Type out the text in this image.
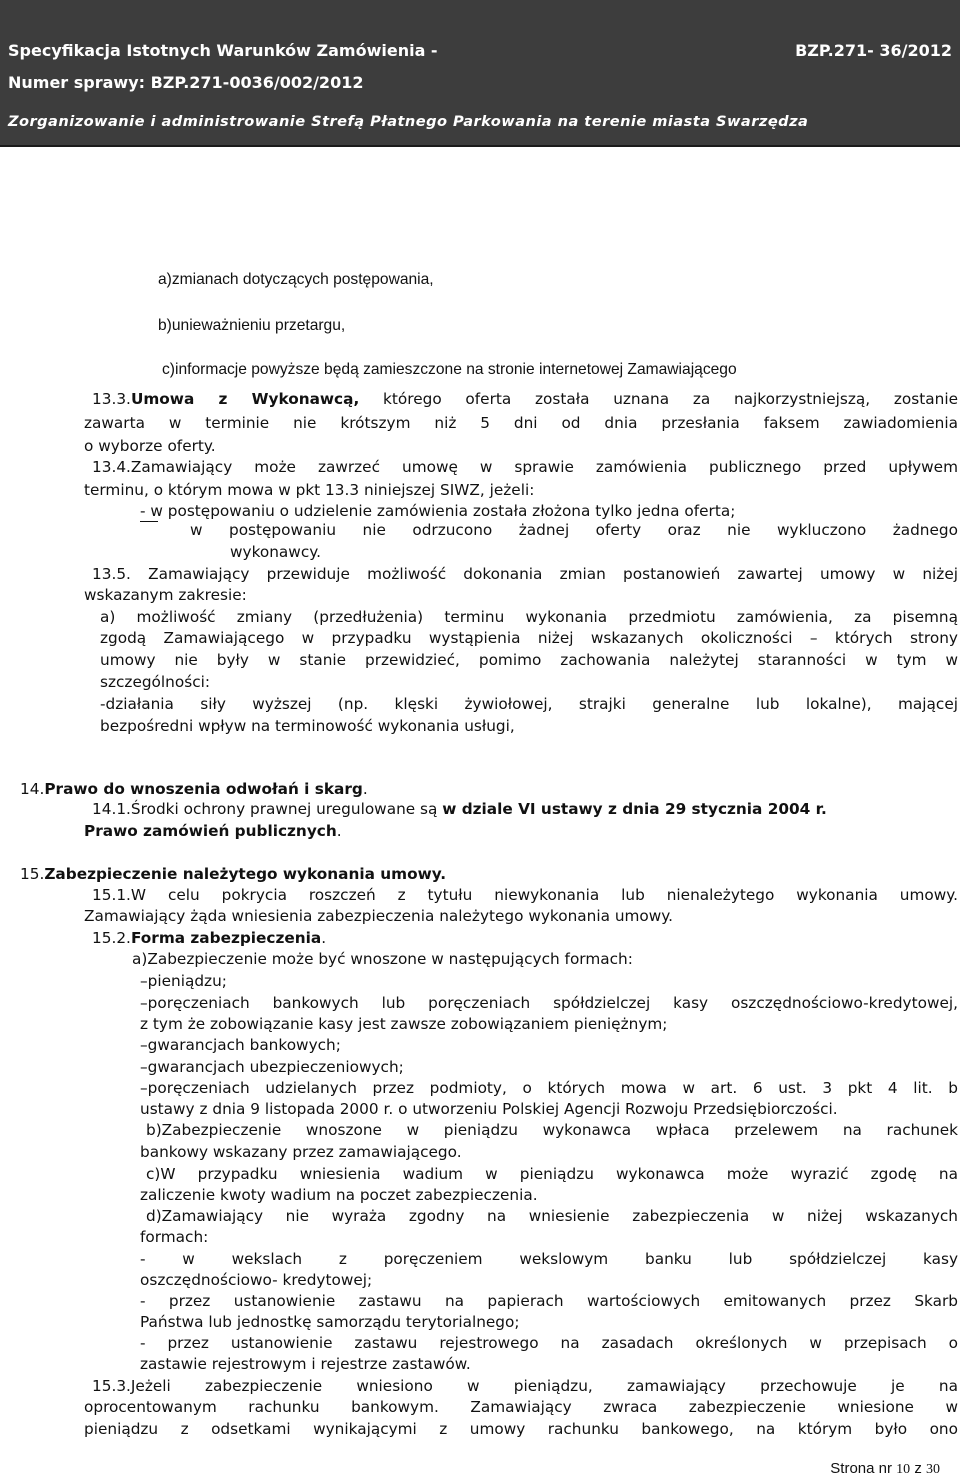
Specyfikacja Istotnych Warunków Zamówienia -	BZP.271- 36/2012
Numer sprawy: BZP.271-0036/002/2012
Zorganizowanie i administrowanie Strefą Płatnego Parkowania na terenie miasta Swarzędza
a)zmianach dotyczących postępowania,
b)unieważnieniu przetargu,
c)informacje powyższe będą zamieszczone na stronie internetowej Zamawiającego
13.3.Umowa z Wykonawcą, którego oferta została uznana za najkorzystniejszą, zostanie
zawarta w terminie nie krótszym niż 5 dni od dnia przesłania faksem zawiadomienia
o wyborze oferty.
13.4.Zamawiający może zawrzeć umowę w sprawie zamówienia publicznego przed upływem
terminu, o którym mowa w pkt 13.3 niniejszej SIWZ, jeżeli:
- w postępowaniu o udzielenie zamówienia została złożona tylko jedna oferta;
w postępowaniu nie odrzucono żadnej oferty oraz nie wykluczono żadnego
wykonawcy.
13.5. Zamawiający przewiduje możliwość dokonania zmian postanowień zawartej umowy w niżej
wskazanym zakresie:
a) możliwość zmiany (przedłużenia) terminu wykonania przedmiotu zamówienia, za pisemną
zgodą Zamawiającego w przypadku wystąpienia niżej wskazanych okoliczności – których strony
umowy nie były w stanie przewidzieć, pomimo zachowania należytej staranności w tym w
szczególności:
-działania siły wyższej (np. klęski żywiołowej, strajki generalne lub lokalne), mającej
bezpośredni wpływ na terminowość wykonania usługi,
14.Prawo do wnoszenia odwołań i skarg.
14.1.Środki ochrony prawnej uregulowane są w dziale VI ustawy z dnia 29 stycznia 2004 r.
Prawo zamówień publicznych.
15.Zabezpieczenie należytego wykonania umowy.
15.1.W celu pokrycia roszczeń z tytułu niewykonania lub nienależytego wykonania umowy.
Zamawiający żąda wniesienia zabezpieczenia należytego wykonania umowy.
15.2.Forma zabezpieczenia.
a)Zabezpieczenie może być wnoszone w następujących formach:
–pieniądzu;
–poręczeniach bankowych lub poręczeniach spółdzielczej kasy oszczędnościowo-kredytowej,
z tym że zobowiązanie kasy jest zawsze zobowiązaniem pieniężnym;
–gwarancjach bankowych;
–gwarancjach ubezpieczeniowych;
–poręczeniach udzielanych przez podmioty, o których mowa w art. 6 ust. 3 pkt 4 lit. b
ustawy z dnia 9 listopada 2000 r. o utworzeniu Polskiej Agencji Rozwoju Przedsiębiorczości.
b)Zabezpieczenie wnoszone w pieniądzu wykonawca wpłaca przelewem na rachunek
bankowy wskazany przez zamawiającego.
c)W przypadku wniesienia wadium w pieniądzu wykonawca może wyrazić zgodę na
zaliczenie kwoty wadium na poczet zabezpieczenia.
d)Zamawiający nie wyraża zgodny na wniesienie zabezpieczenia w niżej wskazanych
formach:
- w wekslach z poręczeniem wekslowym banku lub spółdzielczej kasy
oszczędnościowo- kredytowej;
- przez ustanowienie zastawu na papierach wartościowych emitowanych przez Skarb
Państwa lub jednostkę samorządu terytorialnego;
- przez ustanowienie zastawu rejestrowego na zasadach określonych w przepisach o
zastawie rejestrowym i rejestrze zastawów.
15.3.Jeżeli zabezpieczenie wniesiono w pieniądzu, zamawiający przechowuje je na
oprocentowanym rachunku bankowym. Zamawiający zwraca zabezpieczenie wniesione w
pieniądzu z odsetkami wynikającymi z umowy rachunku bankowego, na którym było ono
Strona nr 10 z 30
